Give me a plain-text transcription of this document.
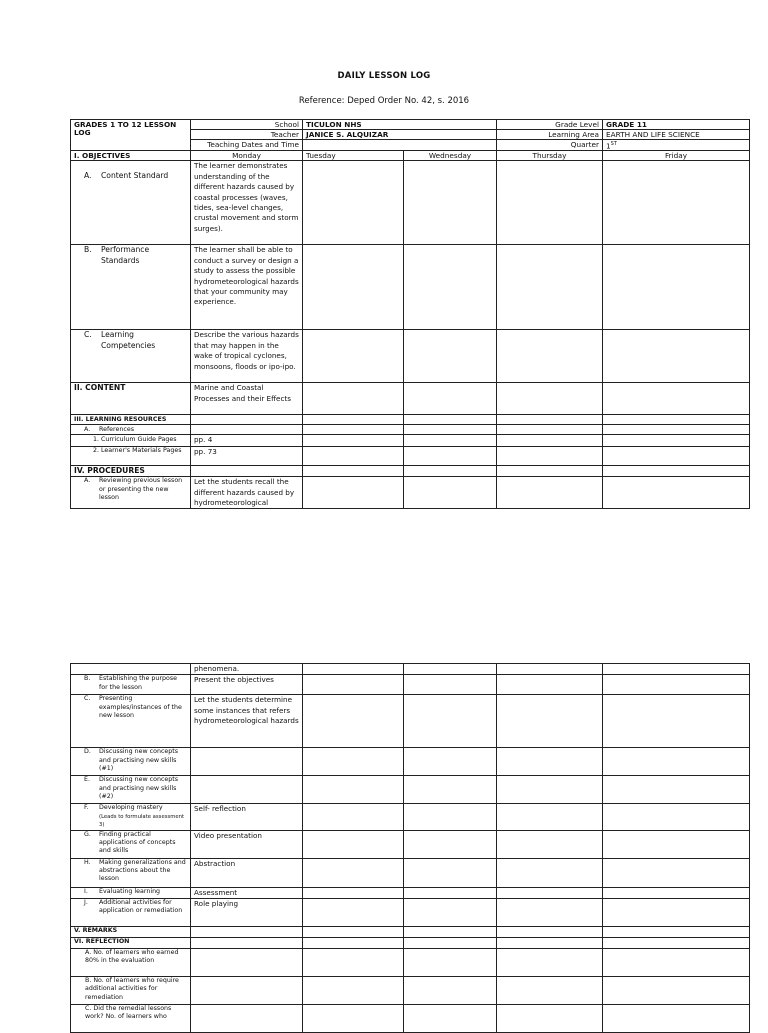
DAILY LESSON LOG
Reference: Deped Order No. 42, s. 2016
GRADES 1 TO 12 LESSON LOG	School	TICULON NHS		Grade Level	GRADE 11
	Teacher	JANICE S. ALQUIZAR		Learning Area	EARTH AND LIFE SCIENCE
	Teaching Dates and Time			Quarter	1ST
I. OBJECTIVES	Monday	Tuesday	Wednesday	Thursday	Friday

A. Content Standard	The learner demonstrates understanding of the different hazards caused by coastal processes (waves, tides, sea-level changes, crustal movement and storm surges).				

B. Performance Standards	The learner shall be able to conduct a survey or design a study to assess the possible hydrometeorological hazards that your community may experience.				

C. Learning Competencies	Describe the various hazards that may happen in the wake of tropical cyclones, monsoons, floods or ipo-ipo.				
II. CONTENT	Marine and Coastal Processes and their Effects				
III. LEARNING RESOURCES					

A. References					

1. Curriculum Guide Pages	pp. 4				
2. Learner's Materials Pages	pp. 73				
IV. PROCEDURES					

A. Reviewing previous lesson or presenting the new lesson	Let the students recall the different hazards caused by hydrometeorological				
	phenomena.				

B. Establishing the purpose for the lesson	Present the objectives				

C. Presenting examples/instances of the new lesson	Let the students determine some instances that refers hydrometeorological hazards				

D. Discussing new concepts and practising new skills (#1)					

E. Discussing new concepts and practising new skills (#2)					

F. Developing mastery
(Leads to formulate assessment 3)	Self- reflection				

G. Finding practical applications of concepts and skills	Video presentation				

H. Making generalizations and abstractions about the lesson	Abstraction				

I. Evaluating learning	Assessment				

J. Additional activities for application or remediation	Role playing				
V. REMARKS					
VI. REFLECTION					
A. No. of learners who earned 80% in the evaluation					
B. No. of learners who require additional activities for remediation					
C. Did the remedial lessons work? No. of learners who					
